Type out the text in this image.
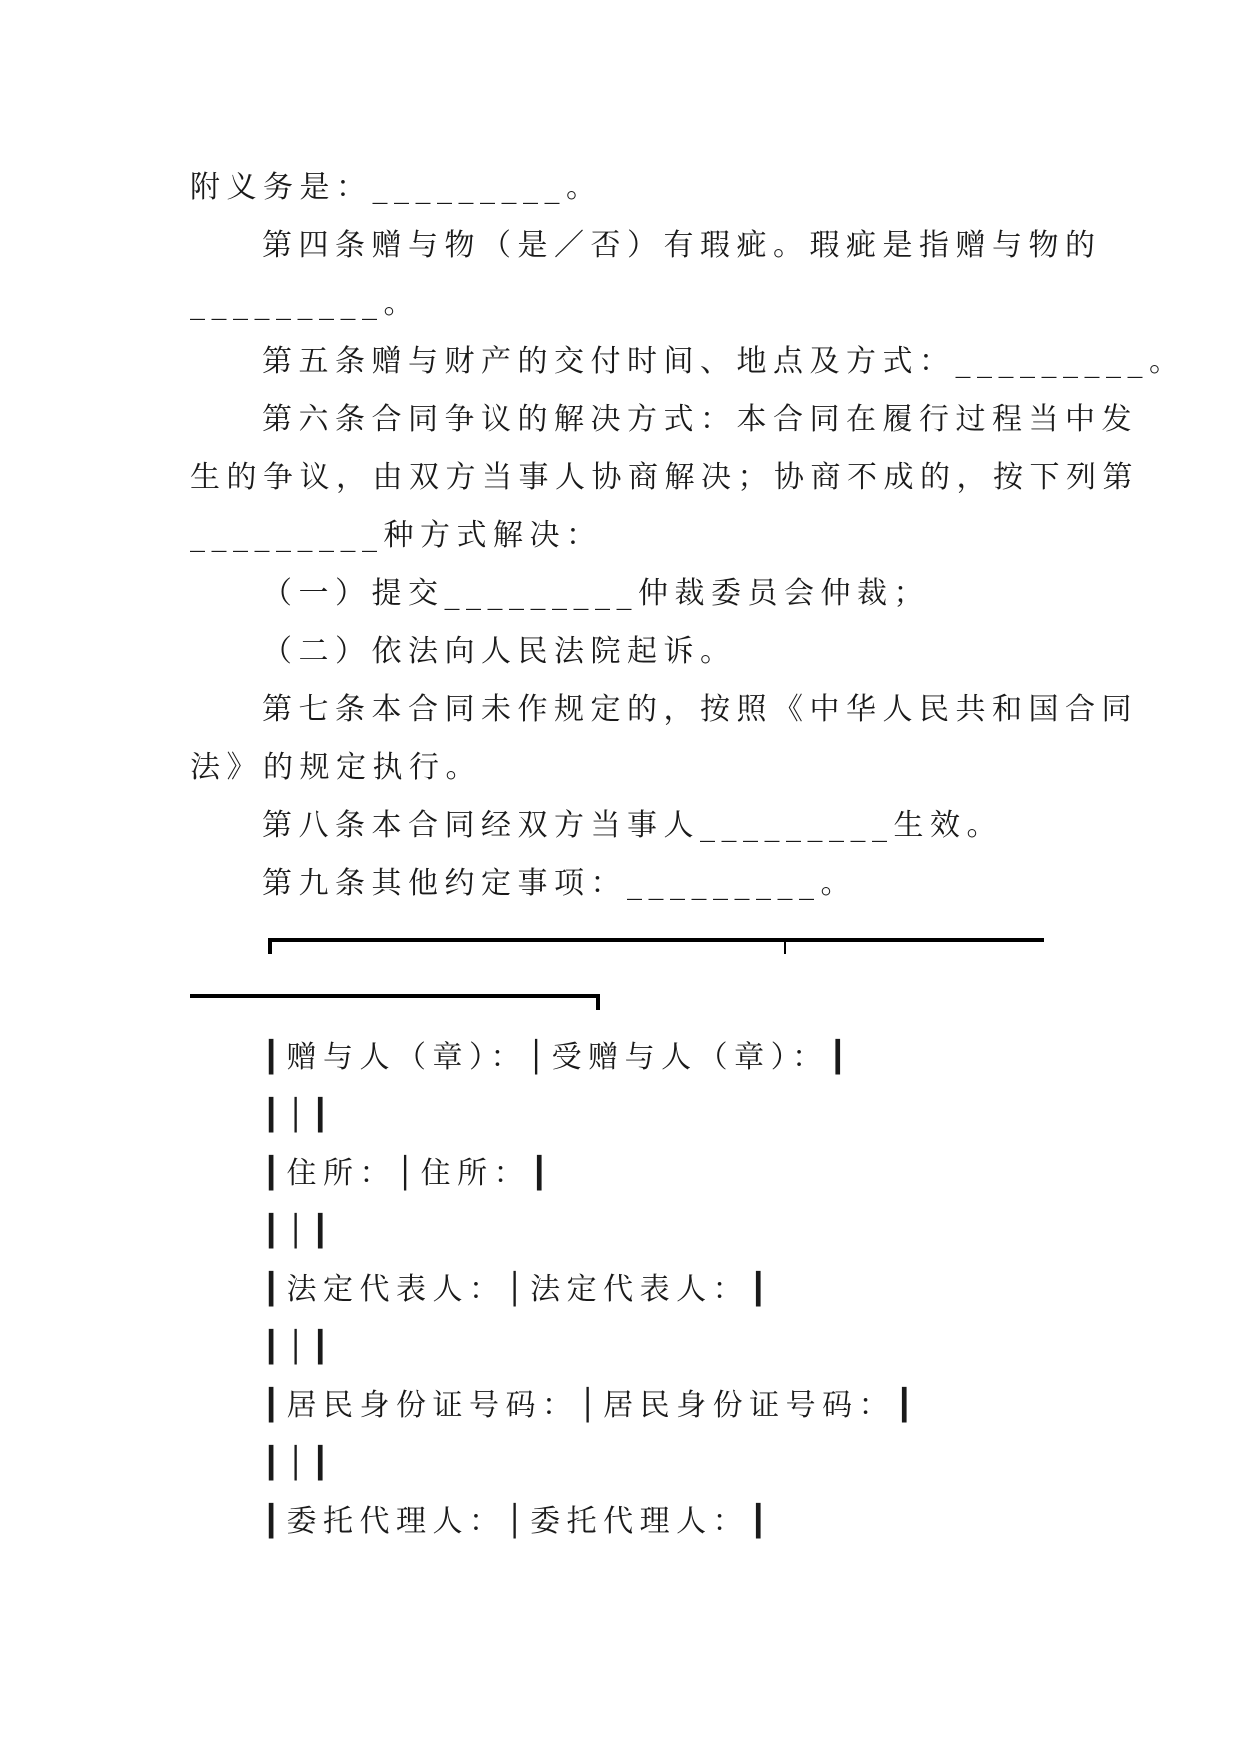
附义务是：_________。
第四条赠与物（是／否）有瑕疵。瑕疵是指赠与物的
_________。
第五条赠与财产的交付时间、地点及方式：_________。
第六条合同争议的解决方式：本合同在履行过程当中发
生的争议，由双方当事人协商解决；协商不成的，按下列第
_________种方式解决：
（一）提交_________仲裁委员会仲裁；
（二）依法向人民法院起诉。
第七条本合同未作规定的，按照《中华人民共和国合同
法》的规定执行。
第八条本合同经双方当事人_________生效。
第九条其他约定事项：_________。
┃赠与人（章）：│受赠与人（章）：┃
┃│┃
┃住所：│住所：┃
┃│┃
┃法定代表人：│法定代表人：┃
┃│┃
┃居民身份证号码：│居民身份证号码：┃
┃│┃
┃委托代理人：│委托代理人：┃
